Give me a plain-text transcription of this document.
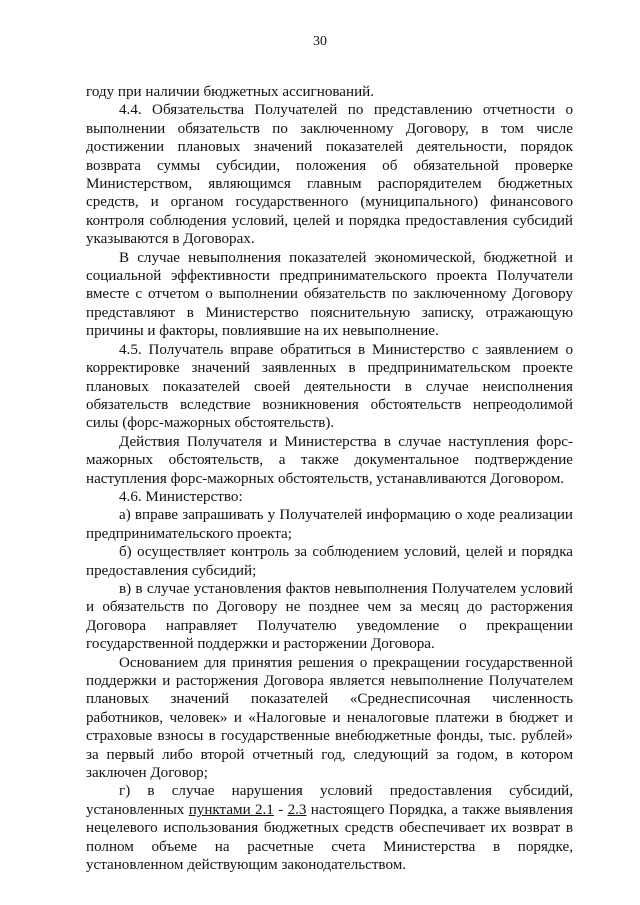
30

году при наличии бюджетных ассигнований.

4.4. Обязательства Получателей по представлению отчетности о выполнении обязательств по заключенному Договору, в том числе достижении плановых значений показателей деятельности, порядок возврата суммы субсидии, положения об обязательной проверке Министерством, являющимся главным распорядителем бюджетных средств, и органом государственного (муниципального) финансового контроля соблюдения условий, целей и порядка предоставления субсидий указываются в Договорах.

В случае невыполнения показателей экономической, бюджетной и социальной эффективности предпринимательского проекта Получатели вместе с отчетом о выполнении обязательств по заключенному Договору представляют в Министерство пояснительную записку, отражающую причины и факторы, повлиявшие на их невыполнение.

4.5. Получатель вправе обратиться в Министерство с заявлением о корректировке значений заявленных в предпринимательском проекте плановых показателей своей деятельности в случае неисполнения обязательств вследствие возникновения обстоятельств непреодолимой силы (форс-мажорных обстоятельств).

Действия Получателя и Министерства в случае наступления форс-мажорных обстоятельств, а также документальное подтверждение наступления форс-мажорных обстоятельств, устанавливаются Договором.

4.6. Министерство:

а) вправе запрашивать у Получателей информацию о ходе реализации предпринимательского проекта;

б) осуществляет контроль за соблюдением условий, целей и порядка предоставления субсидий;

в) в случае установления фактов невыполнения Получателем условий и обязательств по Договору не позднее чем за месяц до расторжения Договора направляет Получателю уведомление о прекращении государственной поддержки и расторжении Договора.

Основанием для принятия решения о прекращении государственной поддержки и расторжения Договора является невыполнение Получателем плановых значений показателей «Среднесписочная численность работников, человек» и «Налоговые и неналоговые платежи в бюджет и страховые взносы в государственные внебюджетные фонды, тыс. рублей» за первый либо второй отчетный год, следующий за годом, в котором заключен Договор;

г) в случае нарушения условий предоставления субсидий, установленных пунктами 2.1 - 2.3 настоящего Порядка, а также выявления нецелевого использования бюджетных средств обеспечивает их возврат в полном объеме на расчетные счета Министерства в порядке, установленном действующим законодательством.
